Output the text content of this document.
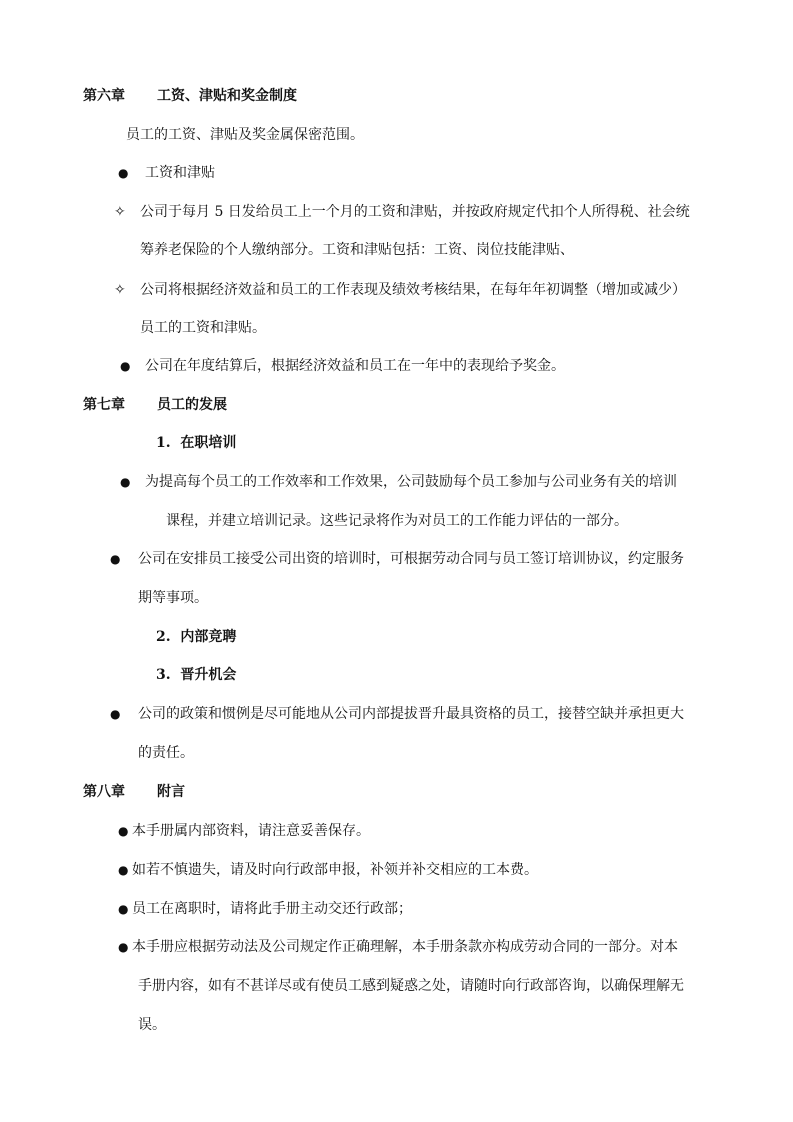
第六章 工资、津贴和奖金制度
员工的工资、津贴及奖金属保密范围。
● 工资和津贴
✧ 公司于每月 5 日发给员工上一个月的工资和津贴，并按政府规定代扣个人所得税、社会统
筹养老保险的个人缴纳部分。工资和津贴包括：工资、岗位技能津贴、
✧ 公司将根据经济效益和员工的工作表现及绩效考核结果，在每年年初调整（增加或减少）
员工的工资和津贴。
● 公司在年度结算后，根据经济效益和员工在一年中的表现给予奖金。
第七章 员工的发展
1.  在职培训
● 为提高每个员工的工作效率和工作效果，公司鼓励每个员工参加与公司业务有关的培训
课程，并建立培训记录。这些记录将作为对员工的工作能力评估的一部分。
● 公司在安排员工接受公司出资的培训时，可根据劳动合同与员工签订培训协议，约定服务
期等事项。
2.  内部竞聘
3.  晋升机会
● 公司的政策和惯例是尽可能地从公司内部提拔晋升最具资格的员工，接替空缺并承担更大
的责任。
第八章 附言
● 本手册属内部资料，请注意妥善保存。
● 如若不慎遗失，请及时向行政部申报，补领并补交相应的工本费。
● 员工在离职时，请将此手册主动交还行政部；
● 本手册应根据劳动法及公司规定作正确理解，本手册条款亦构成劳动合同的一部分。对本
手册内容，如有不甚详尽或有使员工感到疑惑之处，请随时向行政部咨询，以确保理解无
误。
